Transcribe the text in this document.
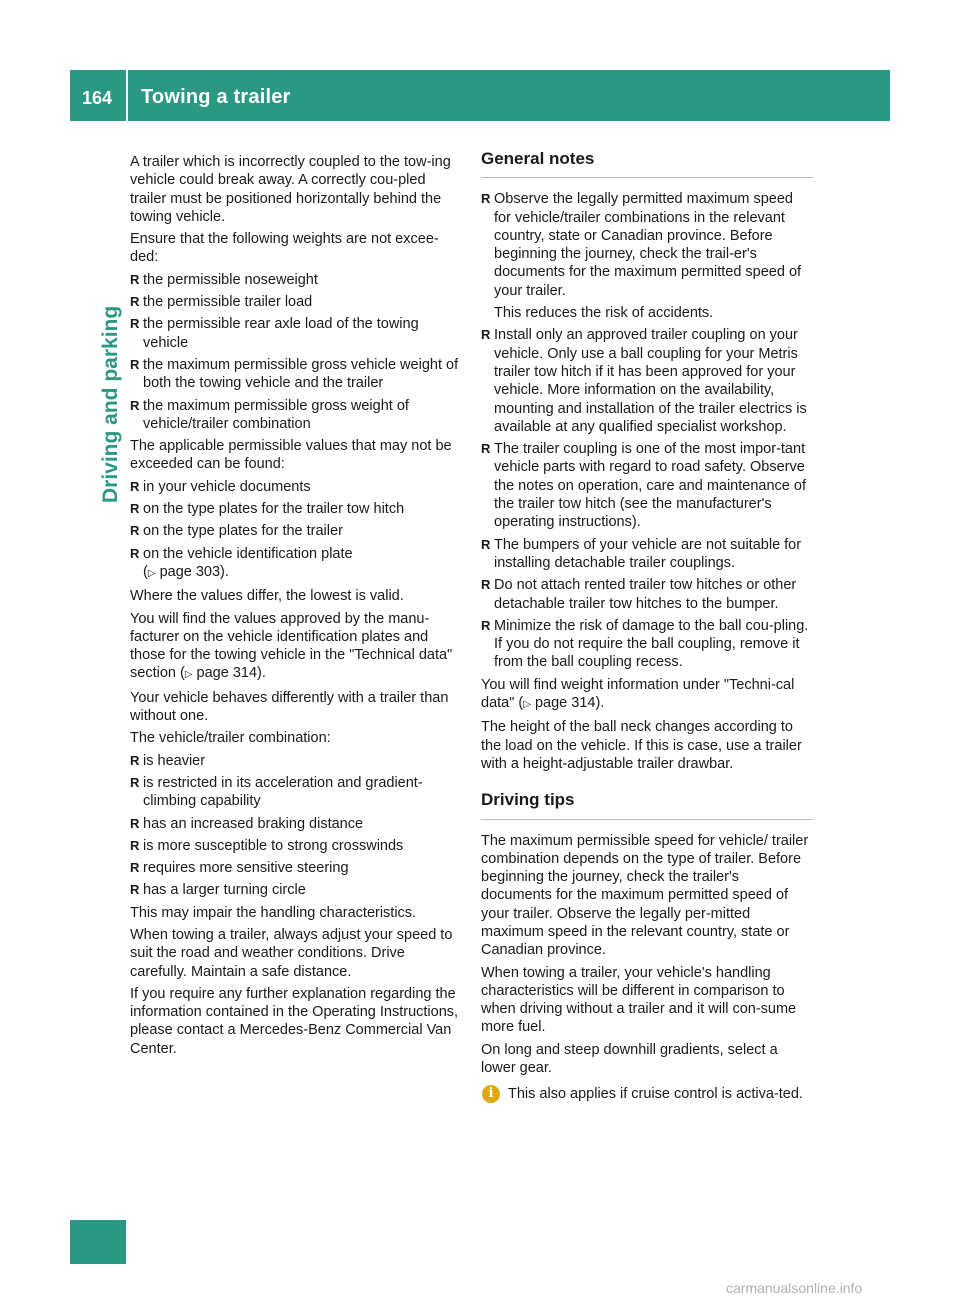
164 Towing a trailer
Driving and parking

A trailer which is incorrectly coupled to the tow-ing vehicle could break away. A correctly cou-pled trailer must be positioned horizontally behind the towing vehicle.

Ensure that the following weights are not excee-ded:

R the permissible noseweight
R the permissible trailer load
R the permissible rear axle load of the towing vehicle
R the maximum permissible gross vehicle weight of both the towing vehicle and the trailer
R the maximum permissible gross weight of vehicle/trailer combination

The applicable permissible values that may not be exceeded can be found:

R in your vehicle documents
R on the type plates for the trailer tow hitch
R on the type plates for the trailer
R on the vehicle identification plate
(▷ page 303).

Where the values differ, the lowest is valid.

You will find the values approved by the manu-facturer on the vehicle identification plates and those for the towing vehicle in the "Technical data" section (▷ page 314).

Your vehicle behaves differently with a trailer than without one.

The vehicle/trailer combination:

R is heavier
R is restricted in its acceleration and gradient-climbing capability
R has an increased braking distance
R is more susceptible to strong crosswinds
R requires more sensitive steering
R has a larger turning circle

This may impair the handling characteristics.

When towing a trailer, always adjust your speed to suit the road and weather conditions. Drive carefully. Maintain a safe distance.

If you require any further explanation regarding the information contained in the Operating Instructions, please contact a Mercedes-Benz Commercial Van Center.

General notes
R Observe the legally permitted maximum speed for vehicle/trailer combinations in the relevant country, state or Canadian province. Before beginning the journey, check the trail-er's documents for the maximum permitted speed of your trailer.
This reduces the risk of accidents.
R Install only an approved trailer coupling on your vehicle. Only use a ball coupling for your Metris trailer tow hitch if it has been approved for your vehicle. More information on the availability, mounting and installation of the trailer electrics is available at any qualified specialist workshop.
R The trailer coupling is one of the most impor-tant vehicle parts with regard to road safety. Observe the notes on operation, care and maintenance of the trailer tow hitch (see the manufacturer's operating instructions).
R The bumpers of your vehicle are not suitable for installing detachable trailer couplings.
R Do not attach rented trailer tow hitches or other detachable trailer tow hitches to the bumper.
R Minimize the risk of damage to the ball cou-pling. If you do not require the ball coupling, remove it from the ball coupling recess.

You will find weight information under "Techni-cal data" (▷ page 314).

The height of the ball neck changes according to the load on the vehicle. If this is case, use a trailer with a height-adjustable trailer drawbar.

Driving tips

The maximum permissible speed for vehicle/ trailer combination depends on the type of trailer. Before beginning the journey, check the trailer's documents for the maximum permitted speed of your trailer. Observe the legally per-mitted maximum speed in the relevant country, state or Canadian province.

When towing a trailer, your vehicle's handling characteristics will be different in comparison to when driving without a trailer and it will con-sume more fuel.

On long and steep downhill gradients, select a lower gear.

i	This also applies if cruise control is activa-ted.
carmanualsonline.info
